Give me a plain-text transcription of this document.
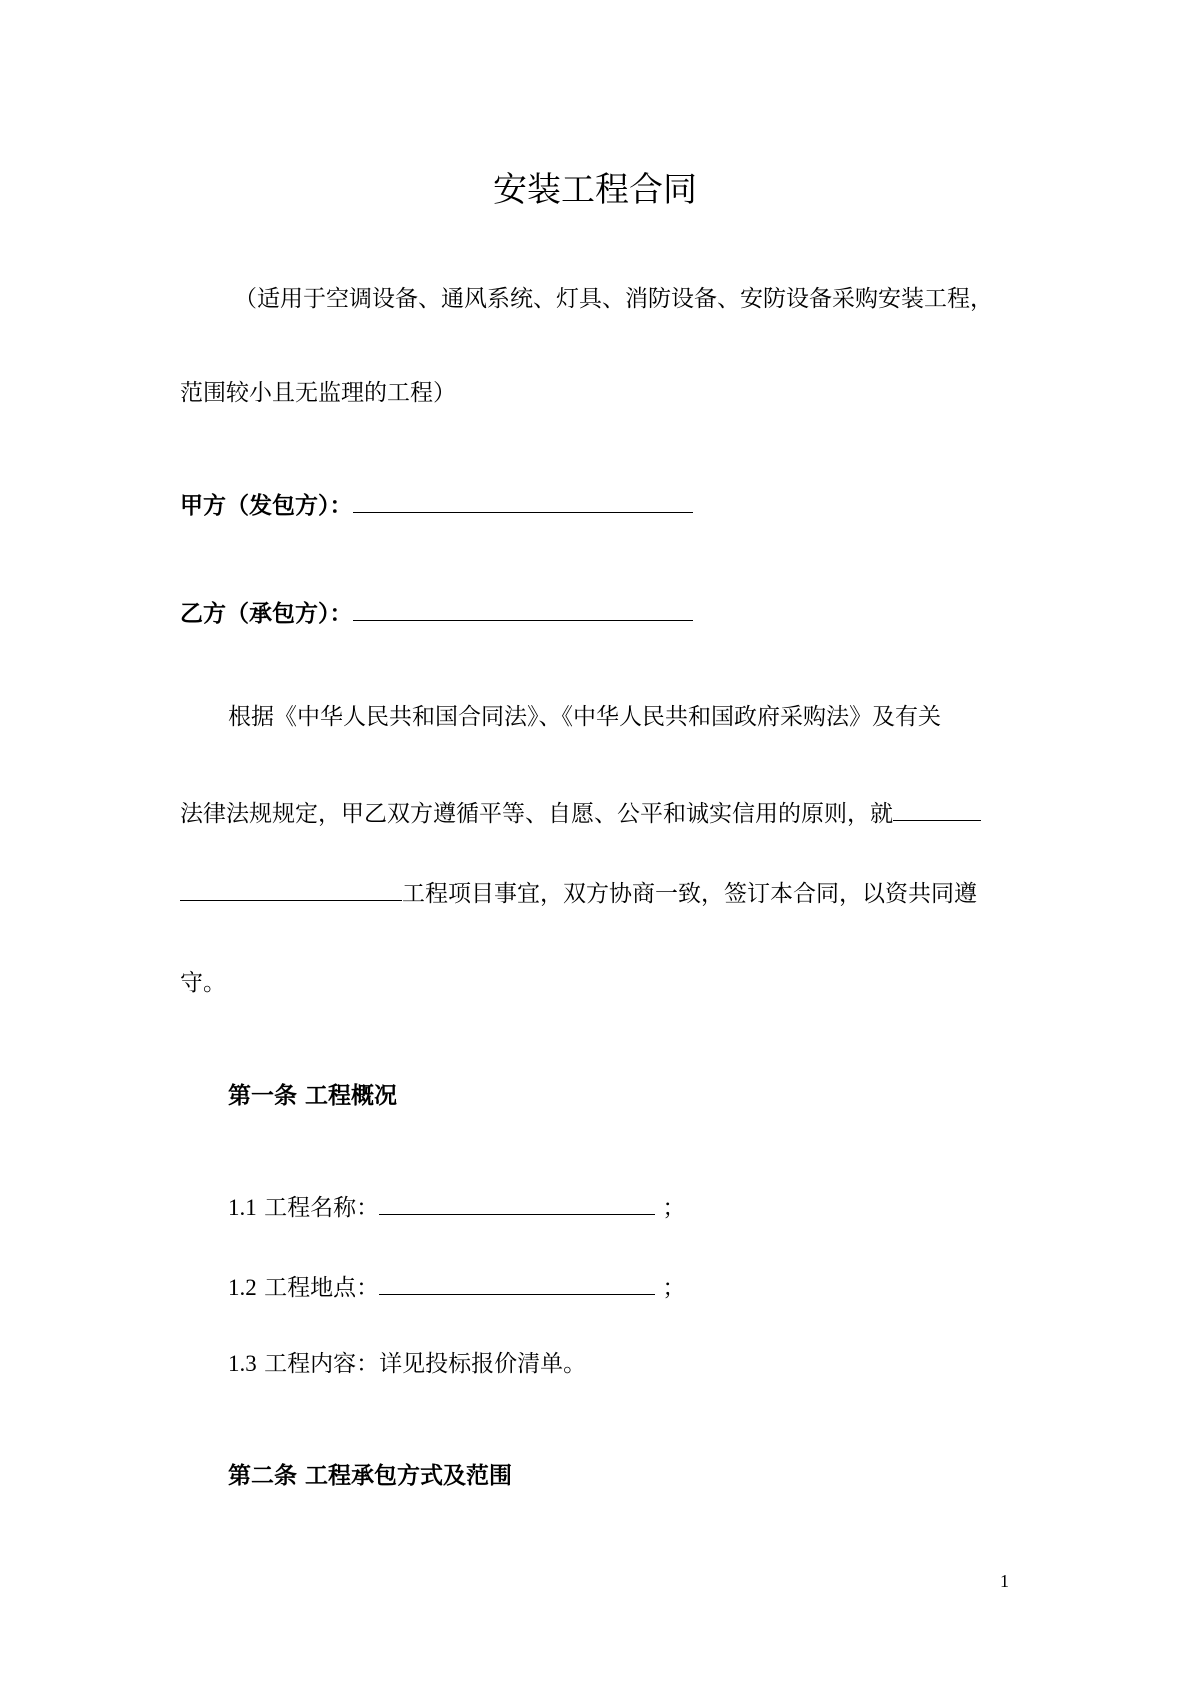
安装工程合同
（适用于空调设备、通风系统、灯具、消防设备、安防设备采购安装工程，
范围较小且无监理的工程）
甲方（发包方）：
乙方（承包方）：
根据《中华人民共和国合同法》、《中华人民共和国政府采购法》及有关
法律法规规定，甲乙双方遵循平等、自愿、公平和诚实信用的原则，就
工程项目事宜，双方协商一致，签订本合同，以资共同遵
守。
第一条 工程概况
1.1 工程名称：	；
1.2 工程地点：	；
1.3 工程内容：详见投标报价清单。
第二条 工程承包方式及范围
1
